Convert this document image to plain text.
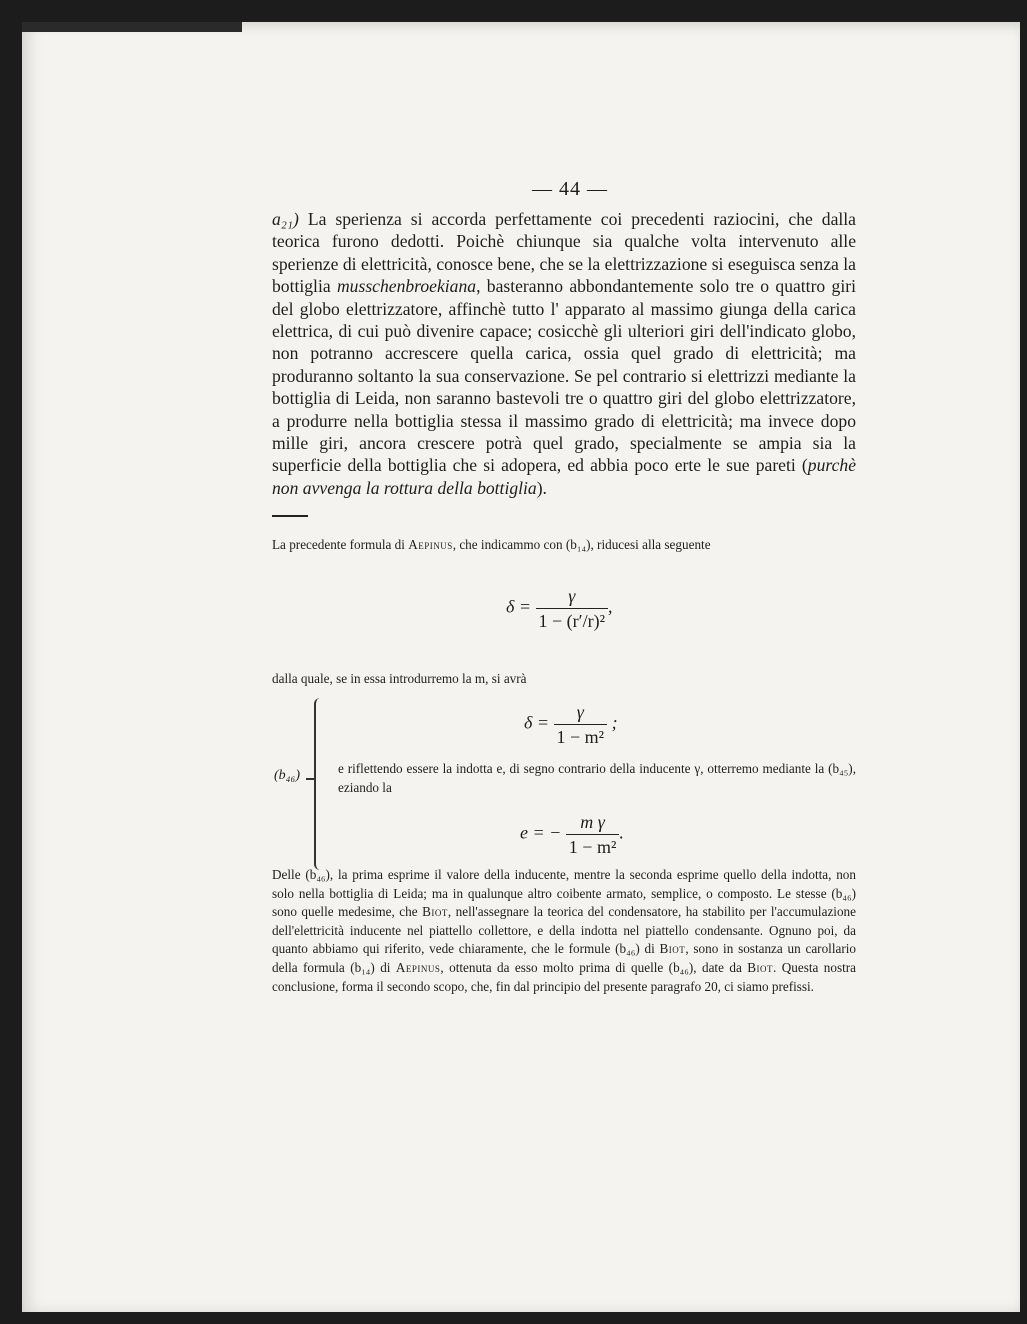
— 44 —

a₂₁) La sperienza si accorda perfettamente coi precedenti raziocini, che dalla teorica furono dedotti. Poichè chiunque sia qualche volta intervenuto alle sperienze di elettricità, conosce bene, che se la elettrizzazione si eseguisca senza la bottiglia musschenbroekiana, basteranno abbondantemente solo tre o quattro giri del globo elettrizzatore, affinchè tutto l' apparato al massimo giunga della carica elettrica, di cui può divenire capace; cosicchè gli ulteriori giri dell'indicato globo, non potranno accrescere quella carica, ossia quel grado di elettricità; ma produranno soltanto la sua conservazione. Se pel contrario si elettrizzi mediante la bottiglia di Leida, non saranno bastevoli tre o quattro giri del globo elettrizzatore, a produrre nella bottiglia stessa il massimo grado di elettricità; ma invece dopo mille giri, ancora crescere potrà quel grado, specialmente se ampia sia la superficie della bottiglia che si adopera, ed abbia poco erte le sue pareti (purchè non avvenga la rottura della bottiglia).

La precedente formula di Aepinus, che indicammo con (b₁₄), riducesi alla seguente

$\delta = \frac{\gamma}{\text{1 − (r′/r)²}}$ ,

dalla quale, se in essa introdurremo la m, si avrà

(b₄₆)
$\delta = \frac{\gamma}{\text{1 − m²}}$ ;

e riflettendo essere la indotta e, di segno contrario della inducente γ, otterremo mediante la (b₄₅), eziando la

e = − $\frac{\text{m γ}}{\text{1 − m²}}$ .

Delle (b₄₆), la prima esprime il valore della inducente, mentre la seconda esprime quello della indotta, non solo nella bottiglia di Leida; ma in qualunque altro coibente armato, semplice, o composto. Le stesse (b₄₆) sono quelle medesime, che Biot, nell'assegnare la teorica del condensatore, ha stabilito per l'accumulazione dell'elettricità inducente nel piattello collettore, e della indotta nel piattello condensante. Ognuno poi, da quanto abbiamo qui riferito, vede chiaramente, che le formule (b₄₆) di Biot, sono in sostanza un carollario della formula (b₁₄) di Aepinus, ottenuta da esso molto prima di quelle (b₄₆), date da Biot. Questa nostra conclusione, forma il secondo scopo, che, fin dal principio del presente paragrafo 20, ci siamo prefissi.
